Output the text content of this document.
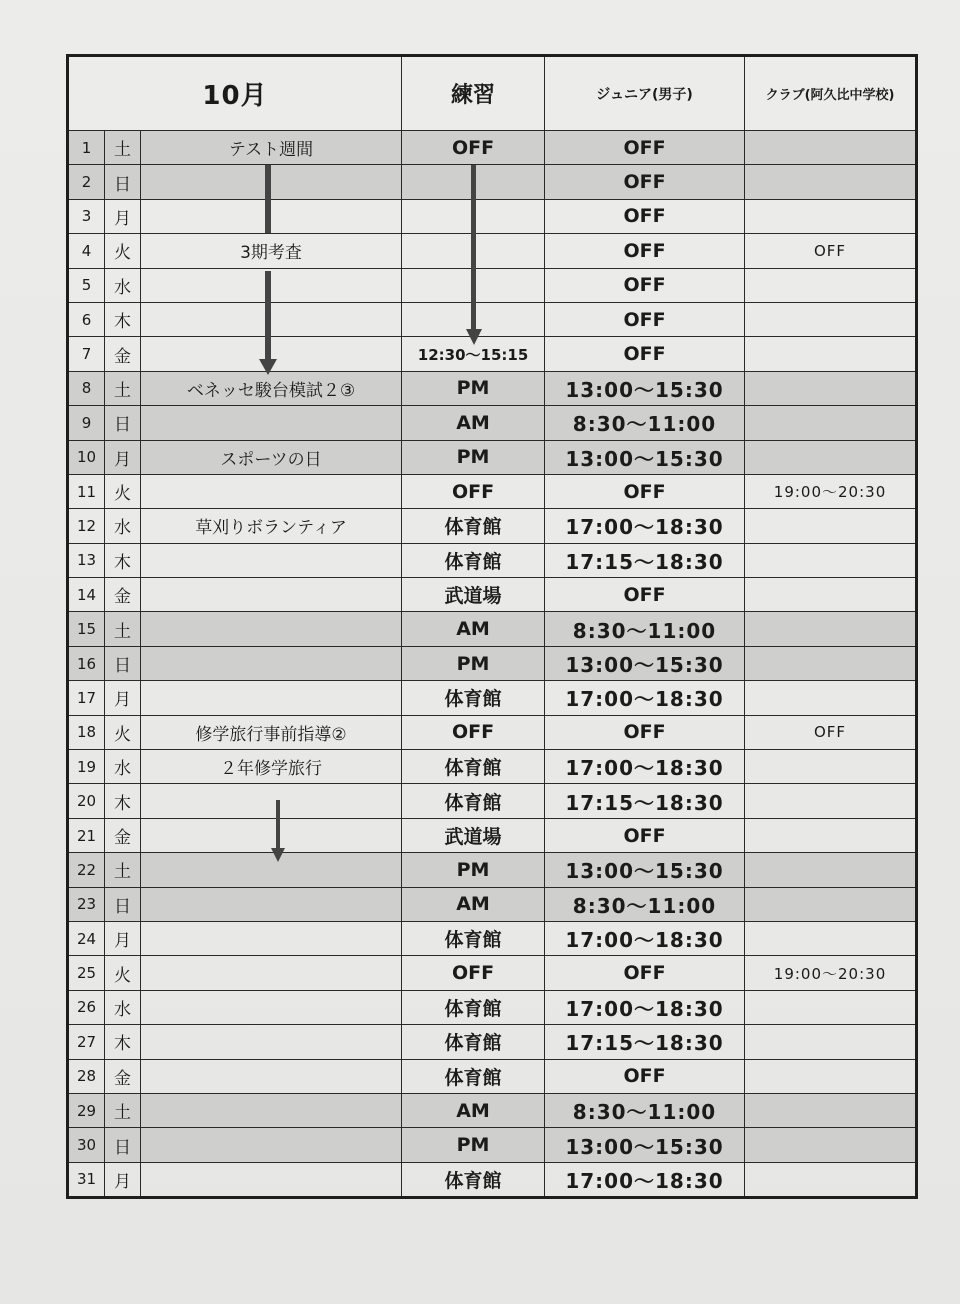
10月			練習	ジュニア(男子)	クラブ(阿久比中学校)
1	土	テスト週間	OFF	OFF	
2	日			OFF	
3	月			OFF	
4	火	3期考査		OFF	OFF
5	水			OFF	
6	木			OFF	
7	金		12:30～15:15	OFF	
8	土	ベネッセ駿台模試２③	PM	13:00～15:30	
9	日		AM	8:30～11:00	
10	月	スポーツの日	PM	13:00～15:30	
11	火		OFF	OFF	19:00～20:30
12	水	草刈りボランティア	体育館	17:00～18:30	
13	木		体育館	17:15～18:30	
14	金		武道場	OFF	
15	土		AM	8:30～11:00	
16	日		PM	13:00～15:30	
17	月		体育館	17:00～18:30	
18	火	修学旅行事前指導②	OFF	OFF	OFF
19	水	２年修学旅行	体育館	17:00～18:30	
20	木		体育館	17:15～18:30	
21	金		武道場	OFF	
22	土		PM	13:00～15:30	
23	日		AM	8:30～11:00	
24	月		体育館	17:00～18:30	
25	火		OFF	OFF	19:00～20:30
26	水		体育館	17:00～18:30	
27	木		体育館	17:15～18:30	
28	金		体育館	OFF	
29	土		AM	8:30～11:00	
30	日		PM	13:00～15:30	
31	月		体育館	17:00～18:30	
